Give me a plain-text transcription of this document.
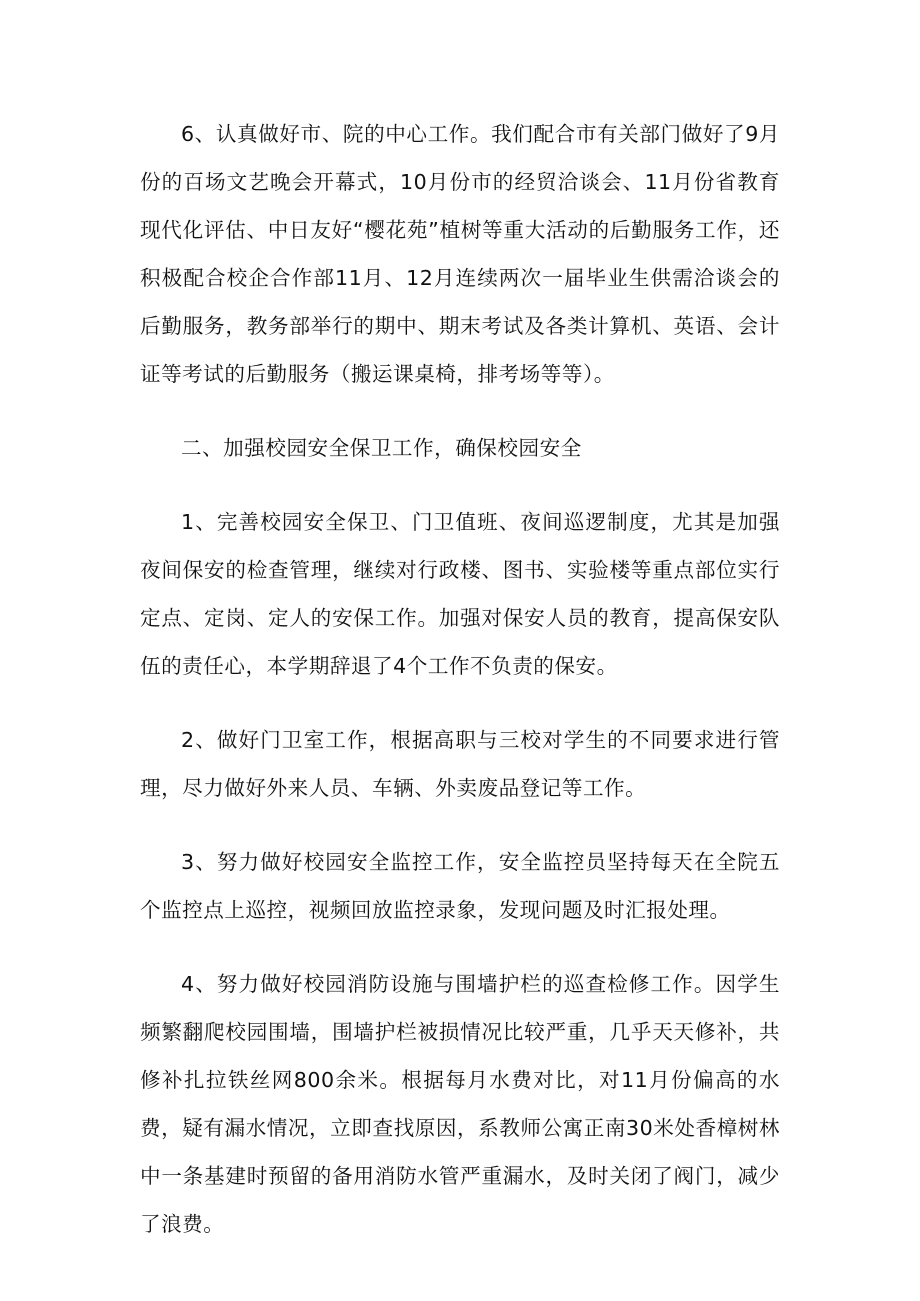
6、认真做好市、院的中心工作。我们配合市有关部门做好了9月份的百场文艺晚会开幕式，10月份市的经贸洽谈会、11月份省教育现代化评估、中日友好“樱花苑”植树等重大活动的后勤服务工作，还积极配合校企合作部11月、12月连续两次一届毕业生供需洽谈会的后勤服务，教务部举行的期中、期末考试及各类计算机、英语、会计证等考试的后勤服务（搬运课桌椅，排考场等等）。

二、加强校园安全保卫工作，确保校园安全

1、完善校园安全保卫、门卫值班、夜间巡逻制度，尤其是加强夜间保安的检查管理，继续对行政楼、图书、实验楼等重点部位实行定点、定岗、定人的安保工作。加强对保安人员的教育，提高保安队伍的责任心，本学期辞退了4个工作不负责的保安。

2、做好门卫室工作，根据高职与三校对学生的不同要求进行管理，尽力做好外来人员、车辆、外卖废品登记等工作。

3、努力做好校园安全监控工作，安全监控员坚持每天在全院五个监控点上巡控，视频回放监控录象，发现问题及时汇报处理。

4、努力做好校园消防设施与围墙护栏的巡查检修工作。因学生频繁翻爬校园围墙，围墙护栏被损情况比较严重，几乎天天修补，共修补扎拉铁丝网800余米。根据每月水费对比，对11月份偏高的水费，疑有漏水情况，立即查找原因，系教师公寓正南30米处香樟树林中一条基建时预留的备用消防水管严重漏水，及时关闭了阀门，减少了浪费。
